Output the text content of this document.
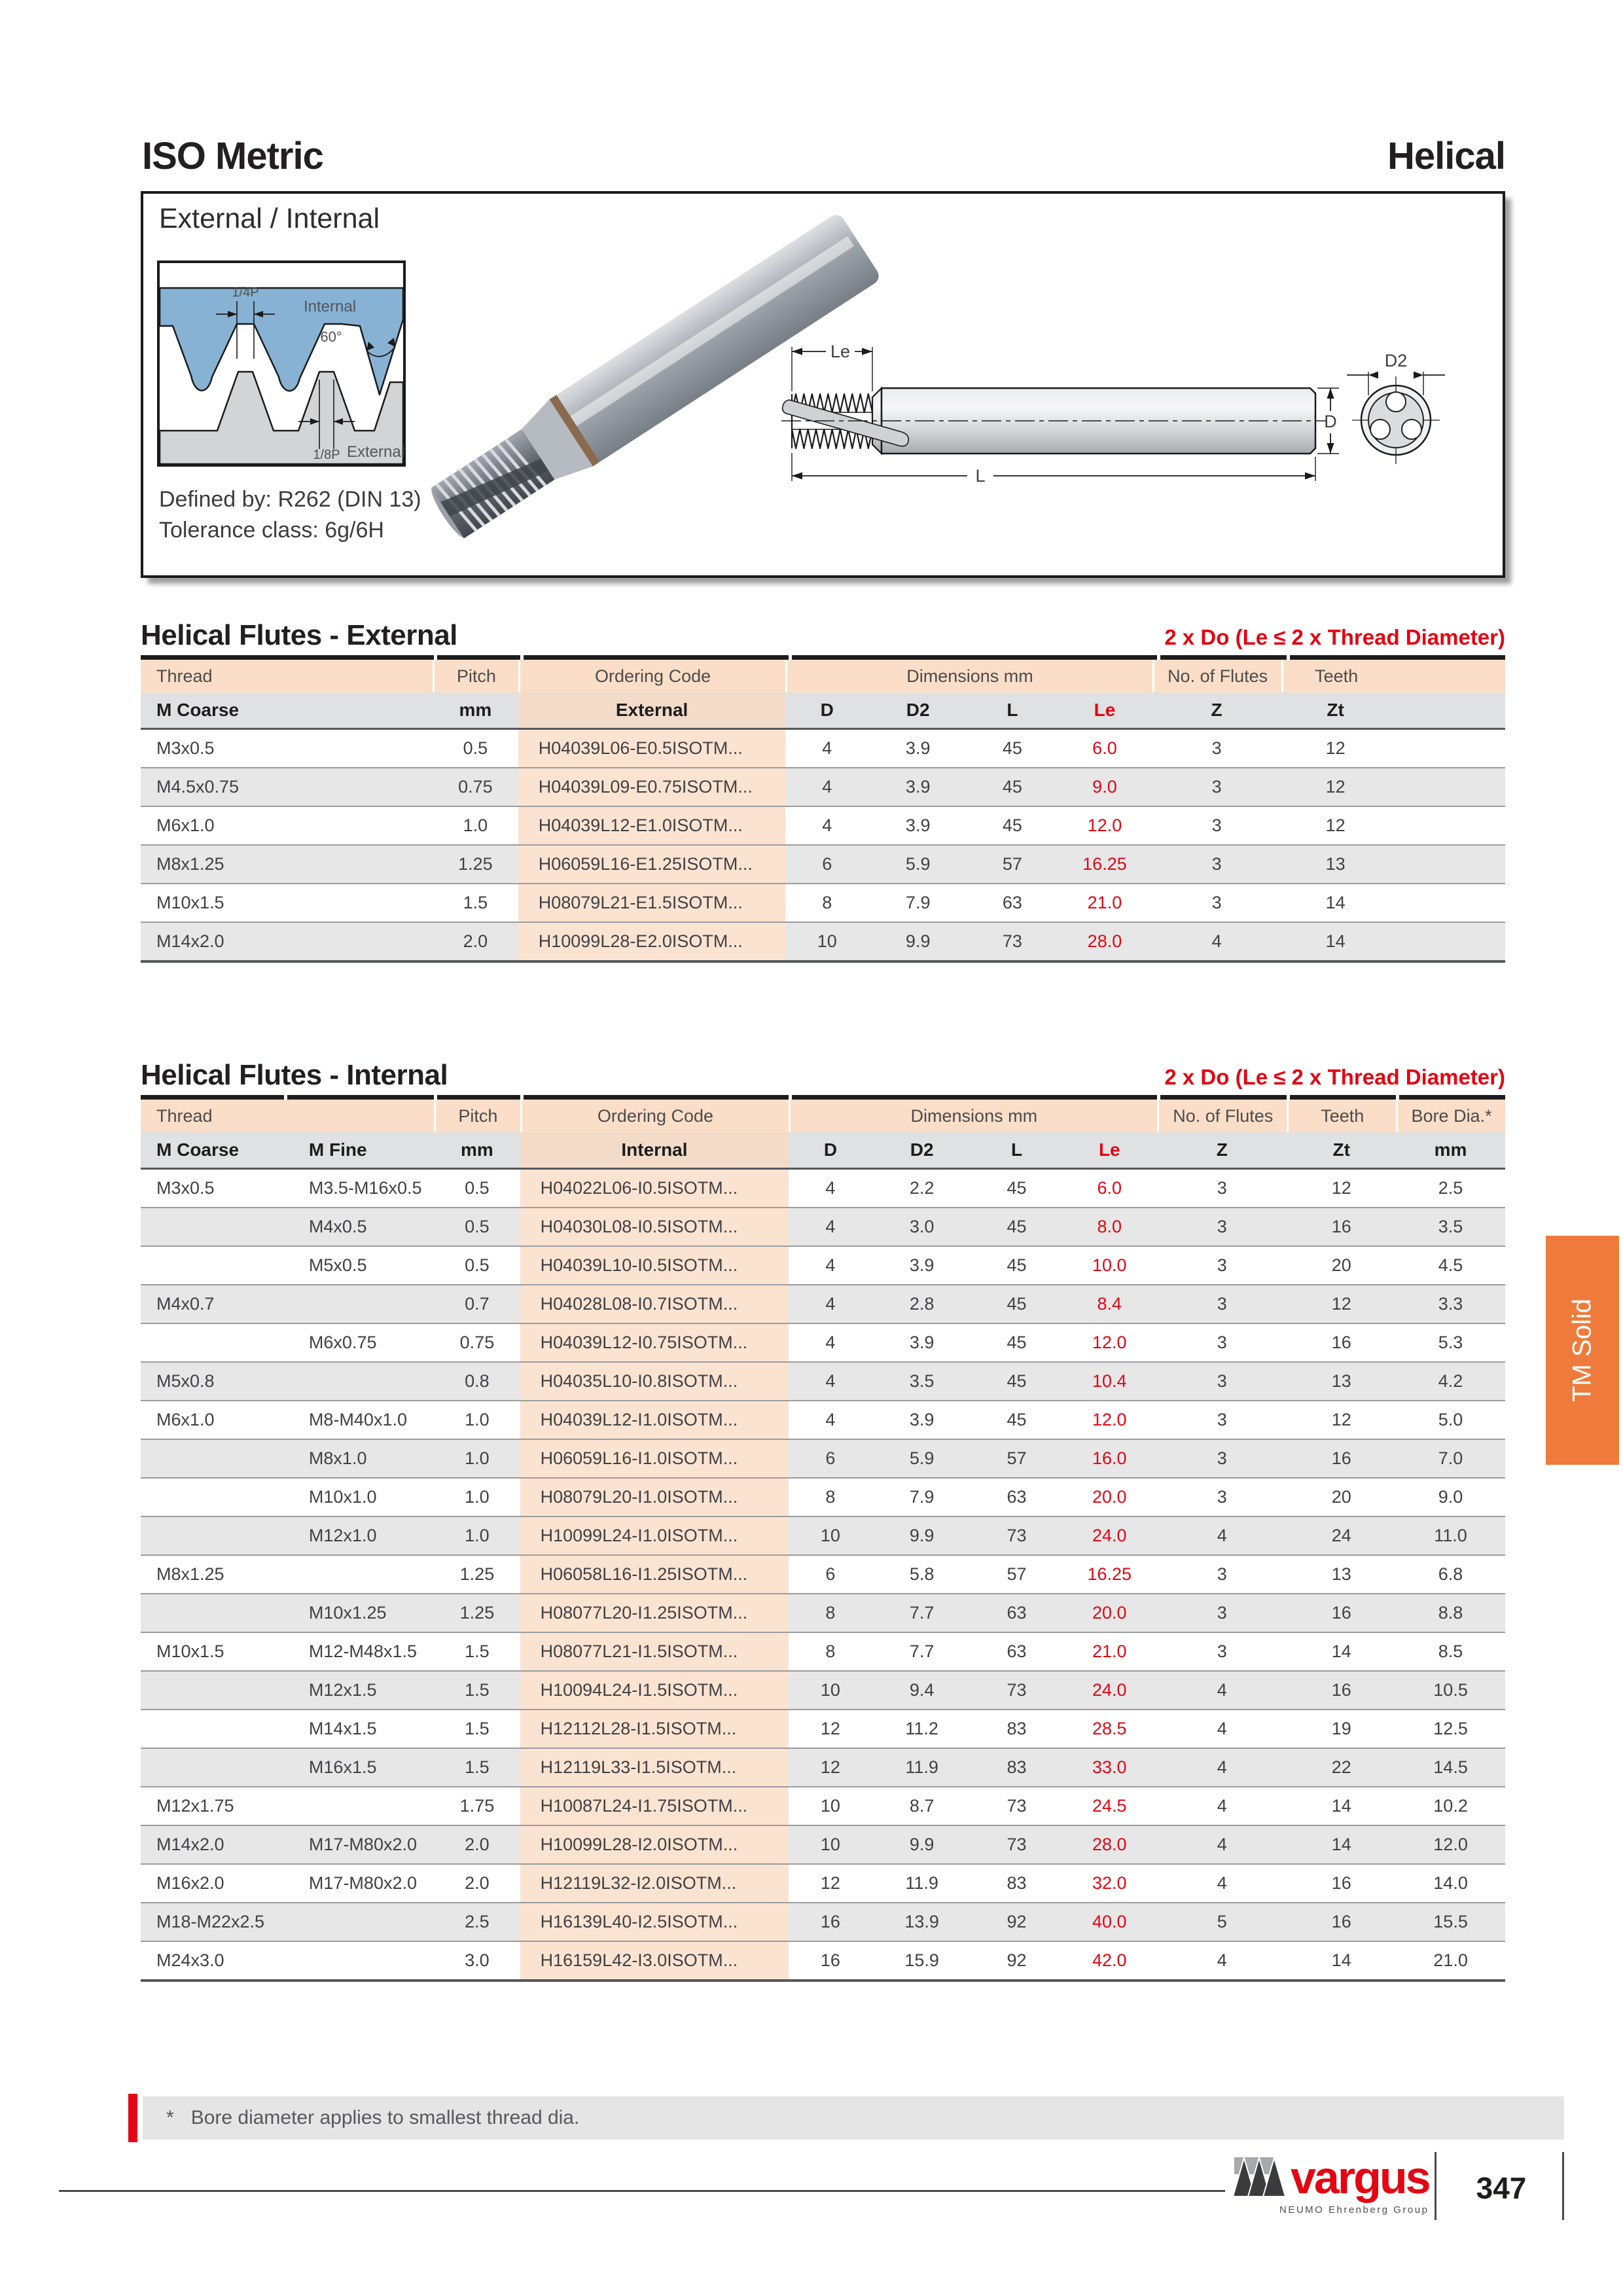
ISO Metric	Helical
External / Internal
1/4P
Internal
60°
1/8P External
Defined by: R262 (DIN 13)
Tolerance class: 6g/6H
Le
L
D
D2
Helical Flutes - External	2 x Do (Le ≤ 2 x Thread Diameter)
Thread	Pitch	Ordering Code	Dimensions mm				No. of Flutes	Teeth	
M Coarse	mm	External	D	D2	L	Le	Z	Zt	
M3x0.5	0.5	H04039L06-E0.5ISOTM...	4	3.9	45	6.0	3	12	
M4.5x0.75	0.75	H04039L09-E0.75ISOTM...	4	3.9	45	9.0	3	12	
M6x1.0	1.0	H04039L12-E1.0ISOTM...	4	3.9	45	12.0	3	12	
M8x1.25	1.25	H06059L16-E1.25ISOTM...	6	5.9	57	16.25	3	13	
M10x1.5	1.5	H08079L21-E1.5ISOTM...	8	7.9	63	21.0	3	14	
M14x2.0	2.0	H10099L28-E2.0ISOTM...	10	9.9	73	28.0	4	14	
Helical Flutes - Internal	2 x Do (Le ≤ 2 x Thread Diameter)
Thread		Pitch	Ordering Code	Dimensions mm				No. of Flutes	Teeth	Bore Dia.*
M Coarse	M Fine	mm	Internal	D	D2	L	Le	Z	Zt	mm
M3x0.5	M3.5-M16x0.5	0.5	H04022L06-I0.5ISOTM...	4	2.2	45	6.0	3	12	2.5
	M4x0.5	0.5	H04030L08-I0.5ISOTM...	4	3.0	45	8.0	3	16	3.5
	M5x0.5	0.5	H04039L10-I0.5ISOTM...	4	3.9	45	10.0	3	20	4.5
M4x0.7		0.7	H04028L08-I0.7ISOTM...	4	2.8	45	8.4	3	12	3.3
	M6x0.75	0.75	H04039L12-I0.75ISOTM...	4	3.9	45	12.0	3	16	5.3
M5x0.8		0.8	H04035L10-I0.8ISOTM...	4	3.5	45	10.4	3	13	4.2
M6x1.0	M8-M40x1.0	1.0	H04039L12-I1.0ISOTM...	4	3.9	45	12.0	3	12	5.0
	M8x1.0	1.0	H06059L16-I1.0ISOTM...	6	5.9	57	16.0	3	16	7.0
	M10x1.0	1.0	H08079L20-I1.0ISOTM...	8	7.9	63	20.0	3	20	9.0
	M12x1.0	1.0	H10099L24-I1.0ISOTM...	10	9.9	73	24.0	4	24	11.0
M8x1.25		1.25	H06058L16-I1.25ISOTM...	6	5.8	57	16.25	3	13	6.8
	M10x1.25	1.25	H08077L20-I1.25ISOTM...	8	7.7	63	20.0	3	16	8.8
M10x1.5	M12-M48x1.5	1.5	H08077L21-I1.5ISOTM...	8	7.7	63	21.0	3	14	8.5
	M12x1.5	1.5	H10094L24-I1.5ISOTM...	10	9.4	73	24.0	4	16	10.5
	M14x1.5	1.5	H12112L28-I1.5ISOTM...	12	11.2	83	28.5	4	19	12.5
	M16x1.5	1.5	H12119L33-I1.5ISOTM...	12	11.9	83	33.0	4	22	14.5
M12x1.75		1.75	H10087L24-I1.75ISOTM...	10	8.7	73	24.5	4	14	10.2
M14x2.0	M17-M80x2.0	2.0	H10099L28-I2.0ISOTM...	10	9.9	73	28.0	4	14	12.0
M16x2.0	M17-M80x2.0	2.0	H12119L32-I2.0ISOTM...	12	11.9	83	32.0	4	16	14.0
M18-M22x2.5		2.5	H16139L40-I2.5ISOTM...	16	13.9	92	40.0	5	16	15.5
M24x3.0		3.0	H16159L42-I3.0ISOTM...	16	15.9	92	42.0	4	14	21.0
* Bore diameter applies to smallest thread dia.
vargus
NEUMO Ehrenberg Group
347
TM Solid
